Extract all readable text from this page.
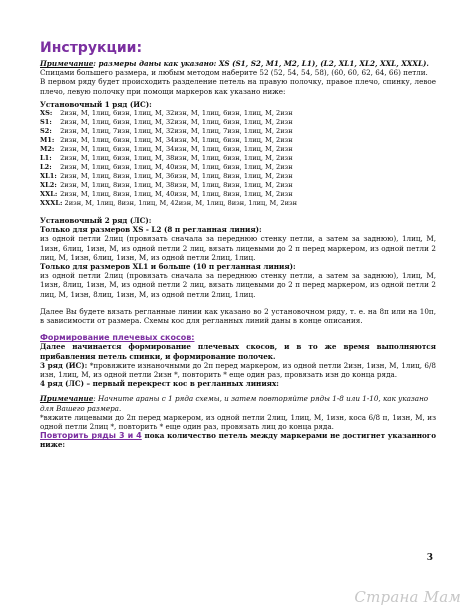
Инструкции:
Примечание: размеры даны как указано: XS (S1, S2, M1, M2, L1), (L2, XL1, XL2, XXL, XXXL).

Спицами большего размера, и любым методом наберите 52 (52, 54, 54, 58), (60, 60, 62, 64, 66) петли.

В первом ряду будет происходить разделение петель на правую полочку, правое плечо, спинку, левое плечо, левую полочку при помощи маркеров как указано ниже:

Установочный 1 ряд (ИС):
XS: 2изн, М, 1лиц, 6изн, 1лиц, М, 32изн, М, 1лиц, 6изн, 1лиц, М, 2изн
S1: 2изн, М, 1лиц, 6изн, 1лиц, М, 32изн, М, 1лиц, 6изн, 1лиц, М, 2изн
S2: 2изн, М, 1лиц, 7изн, 1лиц, М, 32изн, М, 1лиц, 7изн, 1лиц, М, 2изн
M1: 2изн, М, 1лиц, 6изн, 1лиц, М, 34изн, М, 1лиц, 6изн, 1лиц, М, 2изн
M2: 2изн, М, 1лиц, 6изн, 1лиц, М, 34изн, М, 1лиц, 6изн, 1лиц, М, 2изн
L1: 2изн, М, 1лиц, 6изн, 1лиц, М, 38изн, М, 1лиц, 6изн, 1лиц, М, 2изн
L2: 2изн, М, 1лиц, 6изн, 1лиц, М, 40изн, М, 1лиц, 6изн, 1лиц, М, 2изн
XL1: 2изн, М, 1лиц, 8изн, 1лиц, М, 36изн, М, 1лиц, 8изн, 1лиц, М, 2изн
XL2: 2изн, М, 1лиц, 8изн, 1лиц, М, 38изн, М, 1лиц, 8изн, 1лиц, М, 2изн
XXL: 2изн, М, 1лиц, 8изн, 1лиц, М, 40изн, М, 1лиц, 8изн, 1лиц, М, 2изн
XXXL: 2изн, М, 1лиц, 8изн, 1лиц, М, 42изн, М, 1лиц, 8изн, 1лиц, М, 2изн
Установочный 2 ряд (ЛС):
Только для размеров XS - L2 (8 п регланная линия):

из одной петли 2лиц (провязать сначала за переднюю стенку петли, а затем за заднюю), 1лиц, М, 1изн, 6лиц, 1изн, М, из одной петли 2 лиц, вязать лицевыми до 2 п перед маркером, из одной петли 2 лиц, М, 1изн, 6лиц, 1изн, М, из одной петли 2лиц, 1лиц.

Только для размеров XL1 и больше (10 п регланная линия):

из одной петли 2лиц (провязать сначала за переднюю стенку петли, а затем за заднюю), 1лиц, М, 1изн, 8лиц, 1изн, М, из одной петли 2 лиц, вязать лицевыми до 2 п перед маркером, из одной петли 2 лиц, М, 1изн, 8лиц, 1изн, М, из одной петли 2лиц, 1лиц.

Далее Вы будете вязать регланные линии как указано во 2 установочном ряду, т. е. на 8п или на 10п, в зависимости от размера. Схемы кос для регланных линий даны в конце описания.

Формирование плечевых скосов:

Далее начинается формирование плечевых скосов, и в то же время выполняются прибавления петель спинки, и формирование полочек.

3 ряд (ИС): *провяжите изнаночными до 2п перед маркером, из одной петли 2изн, 1изн, М, 1лиц, 6/8 изн, 1лиц, М, из одной петли 2изн *, повторить * еще один раз, провязать изн до конца ряда.

4 ряд (ЛС) – первый перекрест кос в регланных линиях:
Примечание: Начните араны с 1 ряда схемы, и затем повторяйте ряды 1-8 или 1-10, как указано для Вашего размера.

*вяжите лицевыми до 2п перед маркером, из одной петли 2лиц, 1лиц, М, 1изн, коса 6/8 п, 1изн, М, из одной петли 2лиц *, повторить * еще один раз, провязать лиц до конца ряда.

Повторить ряды 3 и 4 пока количество петель между маркерами не достигнет указанного ниже:

3
Страна Мам
